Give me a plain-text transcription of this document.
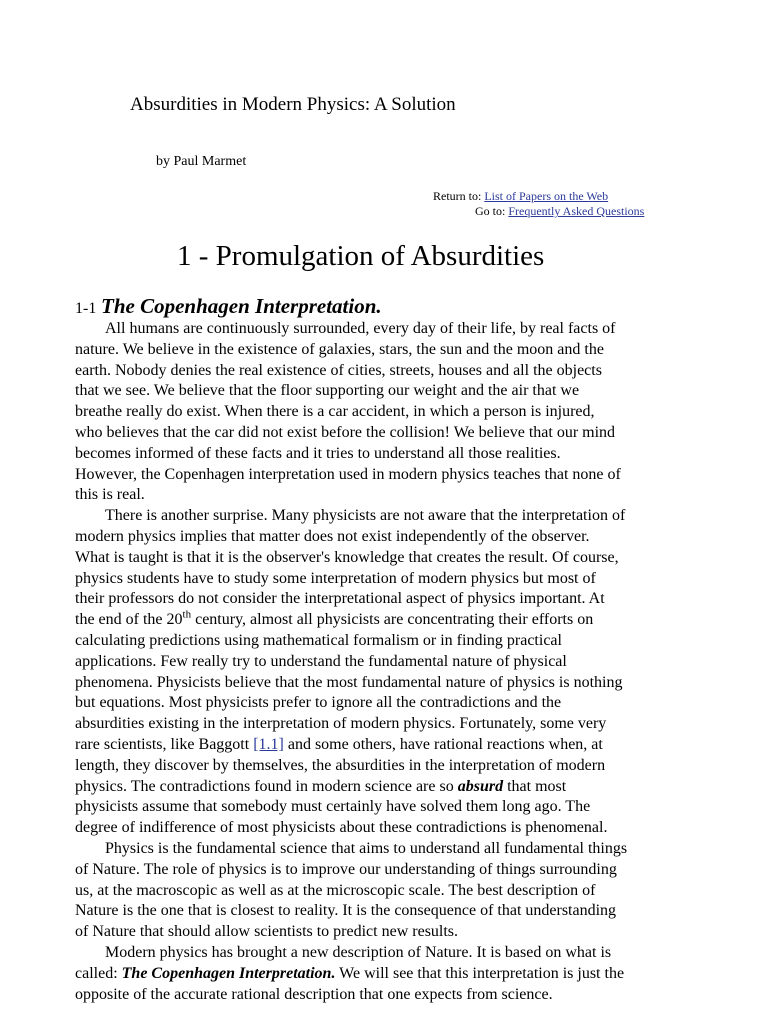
Absurdities in Modern Physics: A Solution
by Paul Marmet
Return to: List of Papers on the Web
Go to: Frequently Asked Questions
1 - Promulgation of Absurdities
1-1 The Copenhagen Interpretation.

All humans are continuously surrounded, every day of their life, by real facts of
nature. We believe in the existence of galaxies, stars, the sun and the moon and the
earth. Nobody denies the real existence of cities, streets, houses and all the objects
that we see. We believe that the floor supporting our weight and the air that we
breathe really do exist. When there is a car accident, in which a person is injured,
who believes that the car did not exist before the collision! We believe that our mind
becomes informed of these facts and it tries to understand all those realities.
However, the Copenhagen interpretation used in modern physics teaches that none of
this is real.

There is another surprise. Many physicists are not aware that the interpretation of
modern physics implies that matter does not exist independently of the observer.
What is taught is that it is the observer's knowledge that creates the result. Of course,
physics students have to study some interpretation of modern physics but most of
their professors do not consider the interpretational aspect of physics important. At
the end of the 20th century, almost all physicists are concentrating their efforts on
calculating predictions using mathematical formalism or in finding practical
applications. Few really try to understand the fundamental nature of physical
phenomena. Physicists believe that the most fundamental nature of physics is nothing
but equations. Most physicists prefer to ignore all the contradictions and the
absurdities existing in the interpretation of modern physics. Fortunately, some very
rare scientists, like Baggott [1.1] and some others, have rational reactions when, at
length, they discover by themselves, the absurdities in the interpretation of modern
physics. The contradictions found in modern science are so absurd that most
physicists assume that somebody must certainly have solved them long ago. The
degree of indifference of most physicists about these contradictions is phenomenal.

Physics is the fundamental science that aims to understand all fundamental things
of Nature. The role of physics is to improve our understanding of things surrounding
us, at the macroscopic as well as at the microscopic scale. The best description of
Nature is the one that is closest to reality. It is the consequence of that understanding
of Nature that should allow scientists to predict new results.

Modern physics has brought a new description of Nature. It is based on what is
called: The Copenhagen Interpretation. We will see that this interpretation is just the
opposite of the accurate rational description that one expects from science.
